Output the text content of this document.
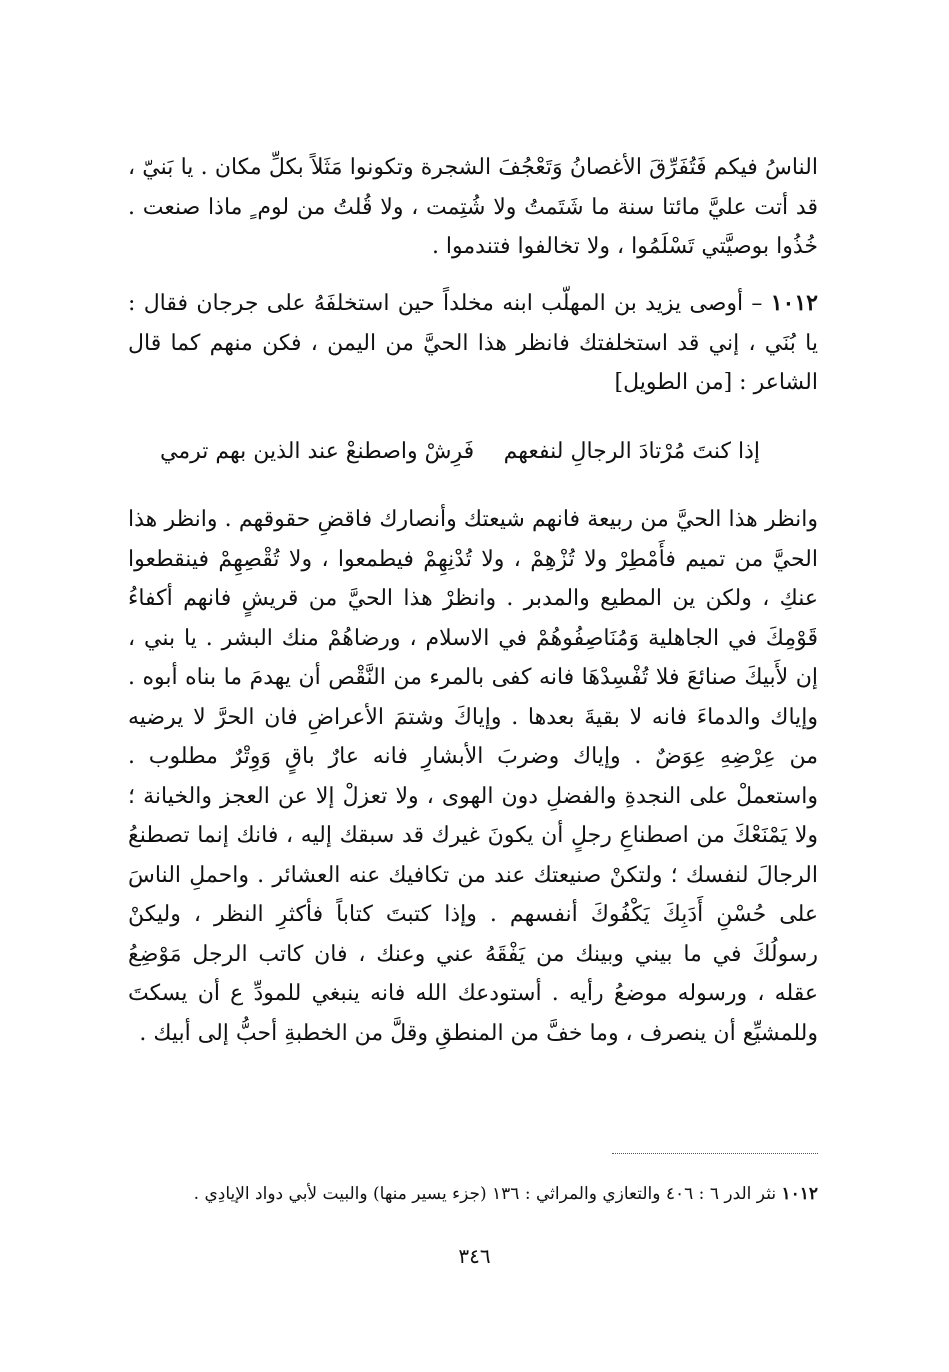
الناسُ فيكم فَتُفَرِّقَ الأغصانُ وَتَعْجُفَ الشجرة وتكونوا مَثَلاً بكلِّ مكان . يا بَنيّ ، قد أتت عليَّ مائتا سنة ما شَتَمتُ ولا شُتِمت ، ولا قُلتُ من لوم ٍ ماذا صنعت . خُذُوا بوصيَّتي تَسْلَمُوا ، ولا تخالفوا فتندموا .
١٠١٢ – أوصى يزيد بن المهلّب ابنه مخلداً حين استخلفَهُ على جرجان فقال : يا بُنَي ، إني قد استخلفتك فانظر هذا الحيَّ من اليمن ، فكن منهم كما قال الشاعر : [من الطويل]
إذا كنتَ مُرْتادَ الرجالِ لنفعهم
فَرِشْ واصطنعْ عند الذين بهم ترمي
وانظر هذا الحيَّ من ربيعة فانهم شيعتك وأنصارك فاقضِ حقوقهم . وانظر هذا الحيَّ من تميم فأَمْطِرْ ولا تُزْهِمْ ، ولا تُدْنِهِمْ فيطمعوا ، ولا تُقْصِهِمْ فينقطعوا عنكِ ، ولكن ين المطيع والمدبر . وانظرْ هذا الحيَّ من قريشٍ فانهم أكفاءُ قَوْمِكَ في الجاهلية وَمُنَاصِفُوهُمْ في الاسلام ، ورضاهُمْ منك البشر . يا بني ، إن لأَبيكَ صنائعَ فلا تُفْسِدْهَا فانه كفى بالمرء من النَّقْص أن يهدمَ ما بناه أبوه . وإياك والدماءَ فانه لا بقيةَ بعدها . وإياكَ وشتمَ الأعراضِ فان الحرَّ لا يرضيه من عِرْضِهِ عِوَضٌ . وإياك وضربَ الأبشارِ فانه عارٌ باقٍ وَوِتْرٌ مطلوب . واستعملْ على النجدةِ والفضلِ دون الهوى ، ولا تعزلْ إلا عن العجز والخيانة ؛ ولا يَمْنَعْكَ من اصطناعِ رجلٍ أن يكونَ غيرك قد سبقك إليه ، فانك إنما تصطنعُ الرجالَ لنفسك ؛ ولتكنْ صنيعتك عند من تكافيك عنه العشائر . واحملِ الناسَ على حُسْنِ أَدَبِكَ يَكْفُوكَ أنفسهم . وإذا كتبتَ كتاباً فأكثرِ النظر ، وليكنْ رسولُكَ في ما بيني وبينك من يَفْقَهُ عني وعنك ، فان كاتب الرجل مَوْضِعُ عقله ، ورسوله موضعُ رأيه . أستودعك الله فانه ينبغي للمودِّ ع أن يسكتَ وللمشيِّع أن ينصرف ، وما خفَّ من المنطقِ وقلَّ من الخطبةِ أحبُّ إلى أبيك .
١٠١٢ نثر الدر ٦ : ٤٠٦ والتعازي والمراثي : ١٣٦ (جزء يسير منها) والبيت لأبي دواد الإيادِي .
٣٤٦
